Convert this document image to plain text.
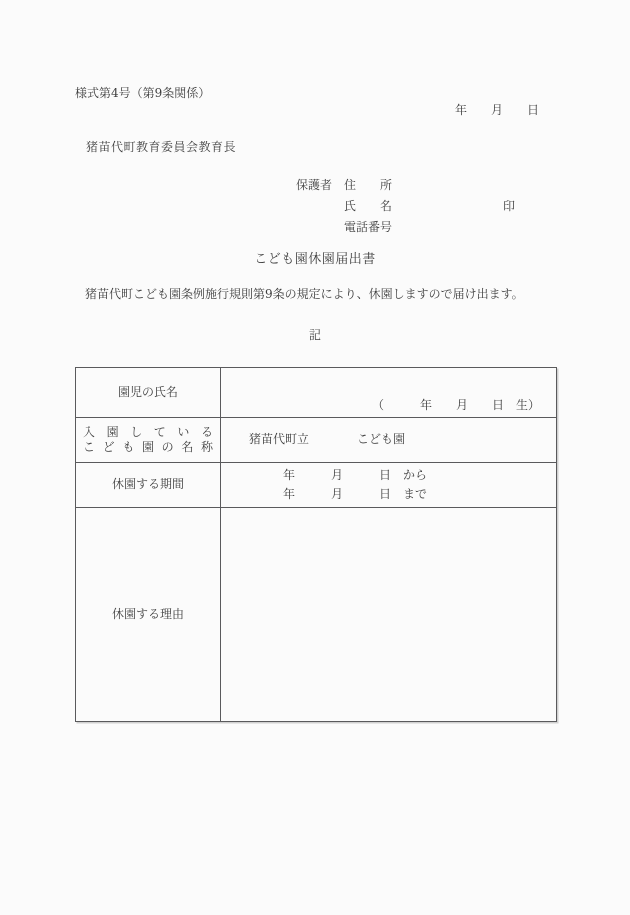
様式第4号（第9条関係）
年　　月　　日
猪苗代町教育委員会教育長
保護者 住　　所
氏　　名	印
電話番号
こども園休園届出書
猪苗代町こども園条例施行規則第9条の規定により、休園しますので届け出ます。
記
園児の氏名
（　　　年　　月　　日　生）
入園している
こども園の名称
猪苗代町立　　　　こども園
休園する期間
年　　　月　　　日　から
年　　　月　　　日　まで
休園する理由
